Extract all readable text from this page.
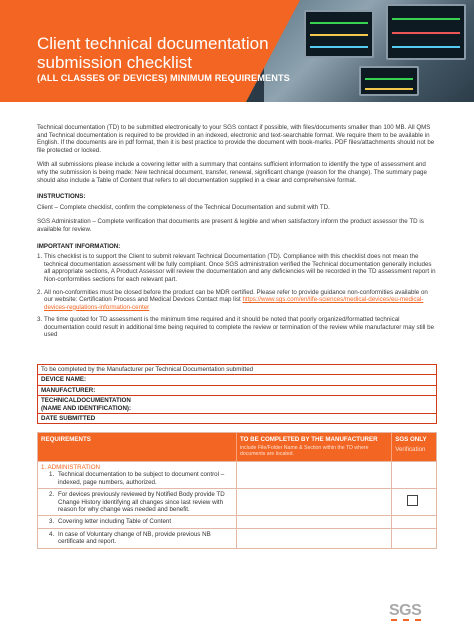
Client technical documentation submission checklist
(ALL CLASSES OF DEVICES) MINIMUM REQUIREMENTS

Technical documentation (TD) to be submitted electronically to your SGS contact if possible, with files/documents smaller than 100 MB. All QMS and Technical documentation is required to be provided in an indexed, electronic and text-searchable format. We require them to be available in English. If the documents are in pdf format, then it is best practice to provide the document with book-marks. PDF files/attachments should not be file protected or locked.

With all submissions please include a covering letter with a summary that contains sufficient information to identify the type of assessment and why the submission is being made: New technical document, transfer, renewal, significant change (reason for the change). The summary page should also include a Table of Content that refers to all documentation supplied in a clear and comprehensive format.

INSTRUCTIONS:

Client – Complete checklist, confirm the completeness of the Technical Documentation and submit with TD.

SGS Administration – Complete verification that documents are present & legible and when satisfactory inform the product assessor the TD is available for review.

IMPORTANT INFORMATION:
1. This checklist is to support the Client to submit relevant Technical Documentation (TD). Compliance with this checklist does not mean the technical documentation assessment will be fully compliant. Once SGS administration verified the Technical documentation generally includes all appropriate sections, A Product Assessor will review the documentation and any deficiencies will be recorded in the TD assessment report in Non-conformities sections for each relevant part.
2. All non-conformities must be closed before the product can be MDR certified. Please refer to provide guidance non-conformities available on our website: Certification Process and Medical Devices Contact map list https://www.sgs.com/en/life-sciences/medical-devices/eu-medical-devices-regulations-information-center
3. The time quoted for TD assessment is the minimum time required and it should be noted that poorly organized/formatted technical documentation could result in additional time being required to complete the review or termination of the review while manufacturer may still be used
To be completed by the Manufacturer per Technical Documentation submitted
DEVICE NAME:
MANUFACTURER:
TECHNICALDOCUMENTATION
(NAME AND IDENTIFICATION):
DATE SUBMITTED
REQUIREMENTS	TO BE COMPLETED BY THE MANUFACTURER
include File/Folder Name & Section within the TD where documents are located.
SGS ONLY
Verification
1. ADMINISTRATION
1. Technical documentation to be subject to document control – indexed, page numbers, authorized.
2. For devices previously reviewed by Notified Body provide TD Change History identifying all changes since last review with reason for why change was needed and benefit.
3. Covering letter including Table of Content
4. In case of Voluntary change of NB, provide previous NB certificate and report.
SGS
